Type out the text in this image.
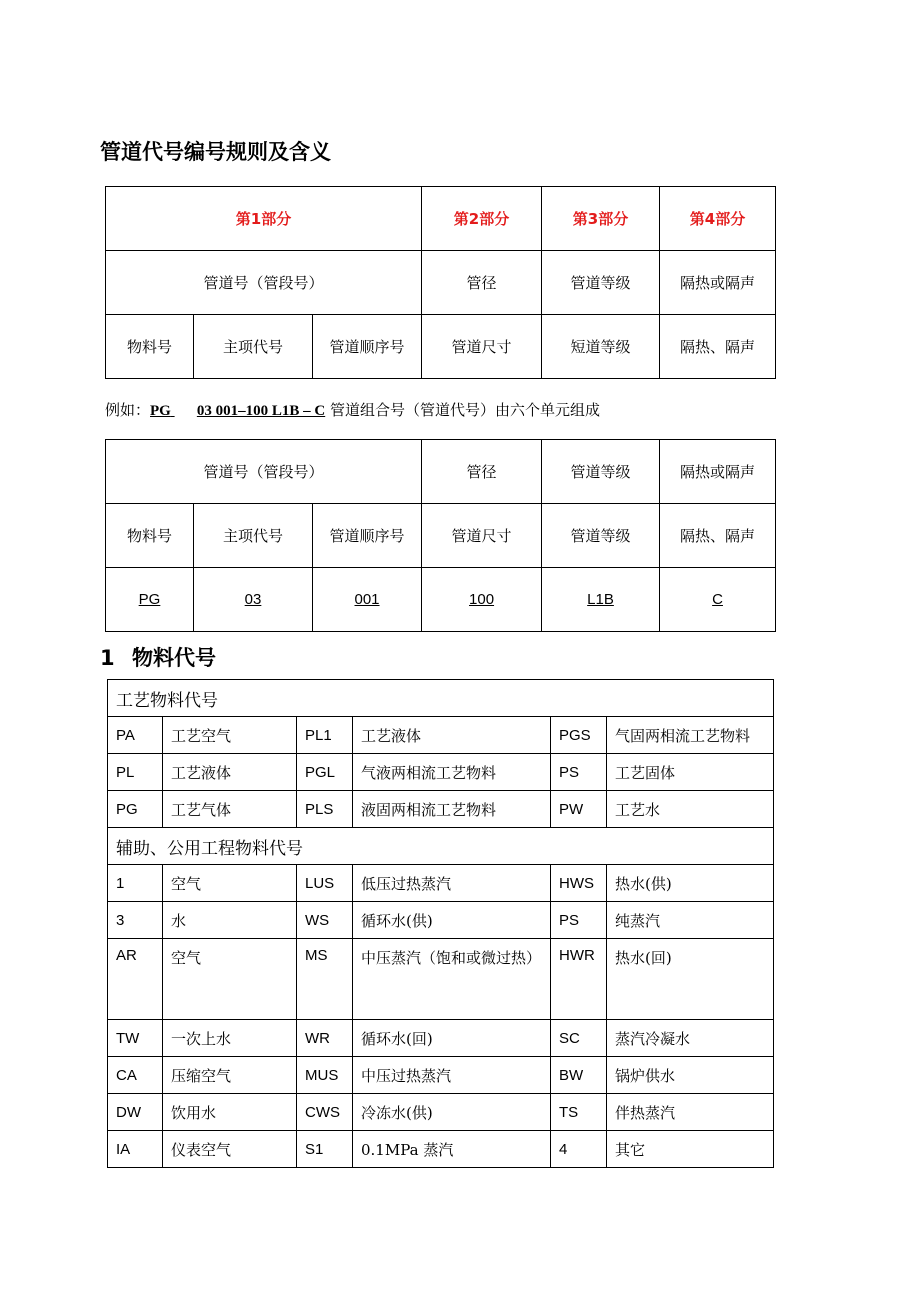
管道代号编号规则及含义
第1部分			第2部分	第3部分	第4部分
管道号（管段号）			管径	管道等级	隔热或隔声
物料号	主项代号	管道顺序号	管道尺寸	短道等级	隔热、隔声
例如：PG 03 001–100 L1B – C 管道组合号（管道代号）由六个单元组成
管道号（管段号）			管径	管道等级	隔热或隔声
物料号	主项代号	管道顺序号	管道尺寸	管道等级	隔热、隔声
PG	03	001	100	L1B	C
1 物料代号
工艺物料代号					
PA	工艺空气	PL1	工艺液体	PGS	气固两相流工艺物料
PL	工艺液体	PGL	气液两相流工艺物料	PS	工艺固体
PG	工艺气体	PLS	液固两相流工艺物料	PW	工艺水
辅助、公用工程物料代号					
1	空气	LUS	低压过热蒸汽	HWS	热水(供)
3	水	WS	循环水(供)	PS	纯蒸汽
AR	空气	MS	中压蒸汽（饱和或微过热）	HWR	热水(回)
TW	一次上水	WR	循环水(回)	SC	蒸汽冷凝水
CA	压缩空气	MUS	中压过热蒸汽	BW	锅炉供水
DW	饮用水	CWS	冷冻水(供)	TS	伴热蒸汽
IA	仪表空气	S1	0.1MPa 蒸汽	4	其它
